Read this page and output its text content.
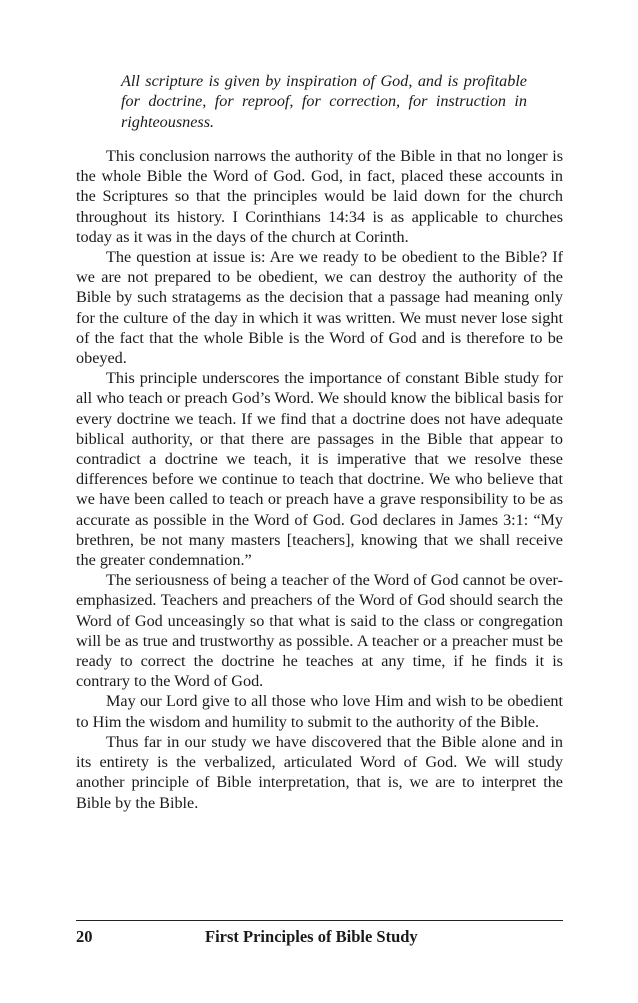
All scripture is given by inspiration of God, and is profitable for doctrine, for reproof, for correction, for instruction in righteousness.

This conclusion narrows the authority of the Bible in that no longer is the whole Bible the Word of God. God, in fact, placed these accounts in the Scriptures so that the principles would be laid down for the church throughout its history. I Corinthians 14:34 is as applicable to churches today as it was in the days of the church at Corinth.

The question at issue is: Are we ready to be obedient to the Bible? If we are not prepared to be obedient, we can destroy the authority of the Bible by such stratagems as the decision that a passage had meaning only for the culture of the day in which it was written. We must never lose sight of the fact that the whole Bible is the Word of God and is therefore to be obeyed.

This principle underscores the importance of constant Bible study for all who teach or preach God’s Word. We should know the biblical basis for every doctrine we teach. If we find that a doctrine does not have adequate biblical authority, or that there are passages in the Bible that appear to contradict a doctrine we teach, it is imperative that we resolve these differences before we continue to teach that doctrine. We who believe that we have been called to teach or preach have a grave responsibility to be as accurate as possible in the Word of God. God declares in James 3:1: “My brethren, be not many masters [teachers], knowing that we shall receive the greater condemnation.”

The seriousness of being a teacher of the Word of God cannot be over-emphasized. Teachers and preachers of the Word of God should search the Word of God unceasingly so that what is said to the class or congregation will be as true and trustworthy as possible. A teacher or a preacher must be ready to correct the doctrine he teaches at any time, if he finds it is contrary to the Word of God.

May our Lord give to all those who love Him and wish to be obedient to Him the wisdom and humility to submit to the authority of the Bible.

Thus far in our study we have discovered that the Bible alone and in its entirety is the verbalized, articulated Word of God. We will study another principle of Bible interpretation, that is, we are to interpret the Bible by the Bible.

20	First Principles of Bible Study
